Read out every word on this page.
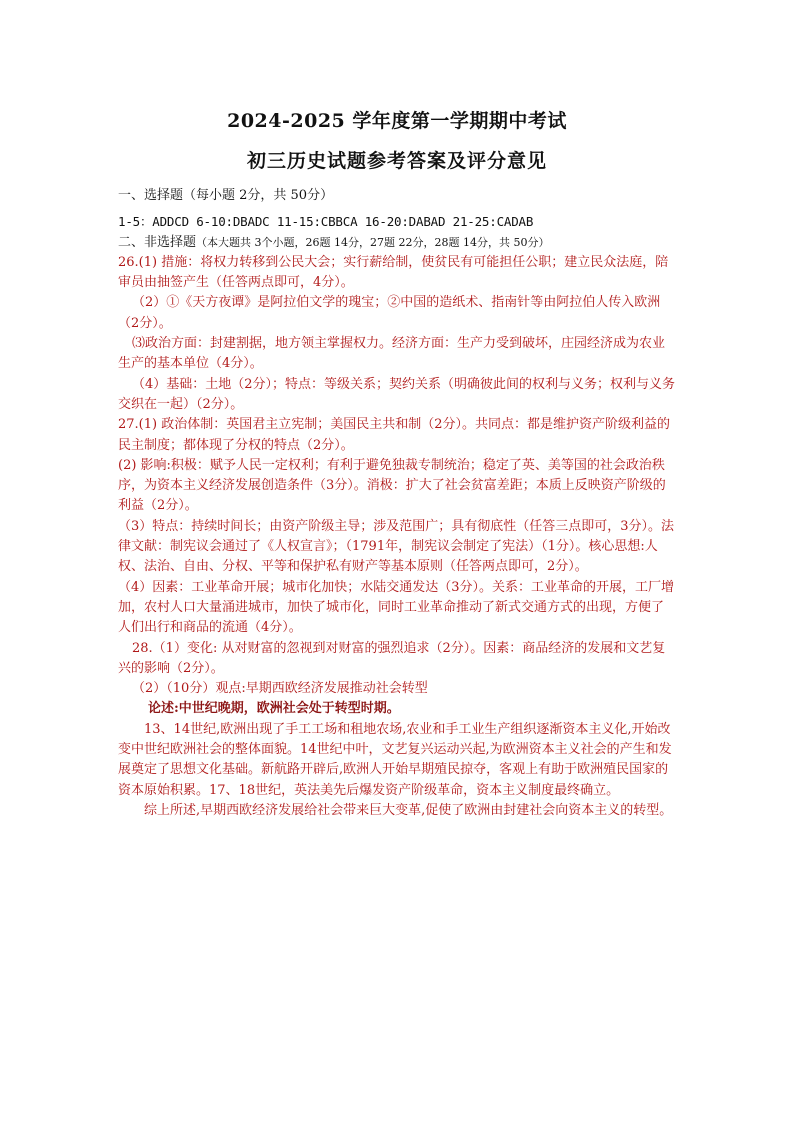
2024-2025 学年度第一学期期中考试
初三历史试题参考答案及评分意见

一、选择题（每小题 2分，共 50分）

1-5：ADDCD 6-10:DBADC 11-15:CBBCA 16-20:DABAD 21-25:CADAB

二、非选择题（本大题共 3个小题，26题 14分，27题 22分，28题 14分，共 50分）

26.(1) 措施：将权力转移到公民大会；实行薪给制，使贫民有可能担任公职；建立民众法庭，陪审员由抽签产生（任答两点即可，4分）。

（2）①《天方夜谭》是阿拉伯文学的瑰宝；②中国的造纸术、指南针等由阿拉伯人传入欧洲（2分）。

⑶政治方面：封建割据，地方领主掌握权力。经济方面：生产力受到破坏，庄园经济成为农业生产的基本单位（4分）。

（4）基础：土地（2分）；特点：等级关系；契约关系（明确彼此间的权利与义务；权利与义务交织在一起）（2分）。

27.(1) 政治体制：英国君主立宪制；美国民主共和制（2分）。共同点：都是维护资产阶级利益的民主制度；都体现了分权的特点（2分）。

(2) 影响:积极：赋予人民一定权利；有利于避免独裁专制统治；稳定了英、美等国的社会政治秩序，为资本主义经济发展创造条件（3分）。消极：扩大了社会贫富差距；本质上反映资产阶级的利益（2分）。

（3）特点：持续时间长；由资产阶级主导；涉及范围广；具有彻底性（任答三点即可，3分）。法律文献：制宪议会通过了《人权宣言》；（1791年，制宪议会制定了宪法）（1分）。核心思想:人权、法治、自由、分权、平等和保护私有财产等基本原则（任答两点即可，2分）。

（4）因素：工业革命开展；城市化加快；水陆交通发达（3分）。关系：工业革命的开展，工厂增加，农村人口大量涌进城市，加快了城市化，同时工业革命推动了新式交通方式的出现，方便了人们出行和商品的流通（4分）。

28.（1）变化: 从对财富的忽视到对财富的强烈追求（2分）。因素：商品经济的发展和文艺复兴的影响（2分）。

（2）（10分）观点:早期西欧经济发展推动社会转型

论述:中世纪晚期，欧洲社会处于转型时期。

13、14世纪,欧洲出现了手工工场和租地农场,农业和手工业生产组织逐渐资本主义化,开始改变中世纪欧洲社会的整体面貌。14世纪中叶，文艺复兴运动兴起,为欧洲资本主义社会的产生和发展奠定了思想文化基础。新航路开辟后,欧洲人开始早期殖民掠夺，客观上有助于欧洲殖民国家的资本原始积累。17、18世纪，英法美先后爆发资产阶级革命，资本主义制度最终确立。

综上所述,早期西欧经济发展给社会带来巨大变革,促使了欧洲由封建社会向资本主义的转型。
